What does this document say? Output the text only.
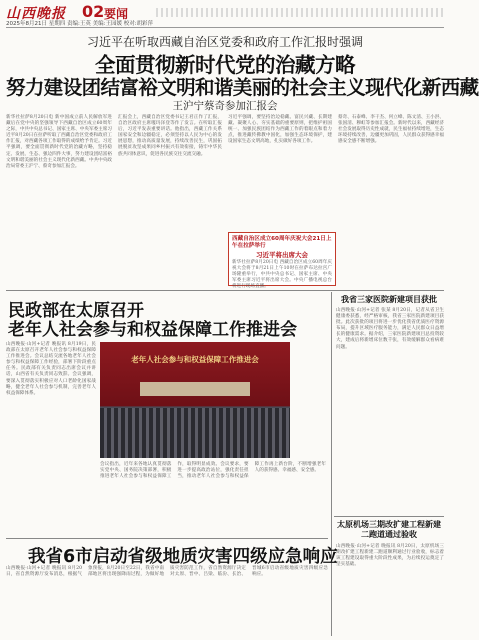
山西晚报 02 要闻
2025年8月21日 星期四 责编:王英 美编:王园媛 校对:胡彩萍
习近平在听取西藏自治区党委和政府工作汇报时强调
全面贯彻新时代党的治藏方略
努力建设团结富裕文明和谐美丽的社会主义现代化新西藏
王沪宁蔡奇参加汇报会
新华社拉萨8月20日电 新中国成立前人民解放军进藏后在党中央的坚强领导下西藏自治区成立60周年之际，中共中央总书记、国家主席、中央军委主席习近平8月20日在拉萨听取了西藏自治区党委和政府工作汇报，对西藏各项工作取得的成绩给予肯定。习近平强调，要全面贯彻新时代党的治藏方略，坚持稳定、发展、生态、强边四件大事，努力建设团结富裕文明和谐美丽的社会主义现代化新西藏。中共中央政治局常委王沪宁、蔡奇参加汇报会。
汇报会上，西藏自治区党委书记王君正作了汇报，自治区政府主席嘎玛泽登等作了发言。在听取汇报后，习近平发表重要讲话。他指出，西藏工作关系国家安全和边疆稳定，必须坚持以人民为中心的发展思想，推动高质量发展，持续改善民生，巩固拓展脱贫攻坚成果同乡村振兴有效衔接，铸牢中华民族共同体意识，促进各民族交往交流交融。
习近平强调，要坚持治边稳藏、富民兴藏、长期建藏、凝聚人心、夯实基础的重要原则，把维护祖国统一、加强民族团结作为西藏工作的着眼点和着力点，推进藏传佛教中国化，加强生态环境保护，建设国家生态文明高地，扎实做好各项工作。
蔡奇、石泰峰、李干杰、何立峰、陈文清、王小洪、张国清、穆虹等参加汇报会。新时代以来，西藏经济社会发展取得历史性成就，民生福祉持续增进，生态环境持续改善，边疆更加巩固，人民群众获得感幸福感安全感不断增强。
西藏自治区成立60周年庆祝大会21日上午在拉萨举行
习近平将出席大会
新华社拉萨8月20日电 西藏自治区成立60周年庆祝大会将于8月21日上午10时在拉萨布达拉宫广场隆重举行，中共中央总书记、国家主席、中央军委主席习近平将出席大会。中央广播电视总台将进行现场直播。
民政部在太原召开
老年人社会参与和权益保障工作推进会
山西晚报·山河+记者 晚报讯 8月19日，民政部在太原召开老年人社会参与和权益保障工作推进会。会议总结交流各地老年人社会参与和权益保障工作经验，部署下阶段重点任务。民政部有关负责同志出席会议并讲话，山西省有关负责同志致辞。会议强调，要深入贯彻落实积极应对人口老龄化国家战略，健全老年人社会参与机制，完善老年人权益保障体系。
老年人社会参与和权益保障工作推进会
会议指出，近年来各地认真贯彻落实党中央、国务院决策部署，积极推进老年人社会参与和权益保障工作，取得明显成效。会议要求，要进一步提高政治站位，强化责任担当，推动老年人社会参与和权益保障工作再上新台阶，不断增强老年人的获得感、幸福感、安全感。
我省6市启动省级地质灾害四级应急响应
山西晚报·山河+记者 晚报讯 8月20日，省自然资源厅发布消息，根据气象预报，8月20日至22日，我省中南部地区将出现强降雨过程，为做好地质灾害防范工作，省自然资源厅决定对太原、晋中、吕梁、临汾、长治、晋城6市启动省级地质灾害四级应急响应。
我省三家医院新建项目获批
山西晚报·山河+记者 张某 8月20日，记者从省卫生健康委获悉，经严格审核，我省三家医院新建项目获批。此次获批的项目将进一步优化我省优质医疗资源布局，提升区域医疗服务能力，满足人民群众日益增长的健康需求。据介绍，三家医院新建项目总投资较大，建成后将新增床位数千张，有效缓解群众看病难问题。
太原机场三期改扩建工程新建二跑道通过验收
山西晚报·山河+记者 晚报讯 8月20日，太原机场三期改扩建工程新建二跑道顺利通过行业验收，标志着该工程建设取得重大阶段性成果，为后续投运奠定了坚实基础。
